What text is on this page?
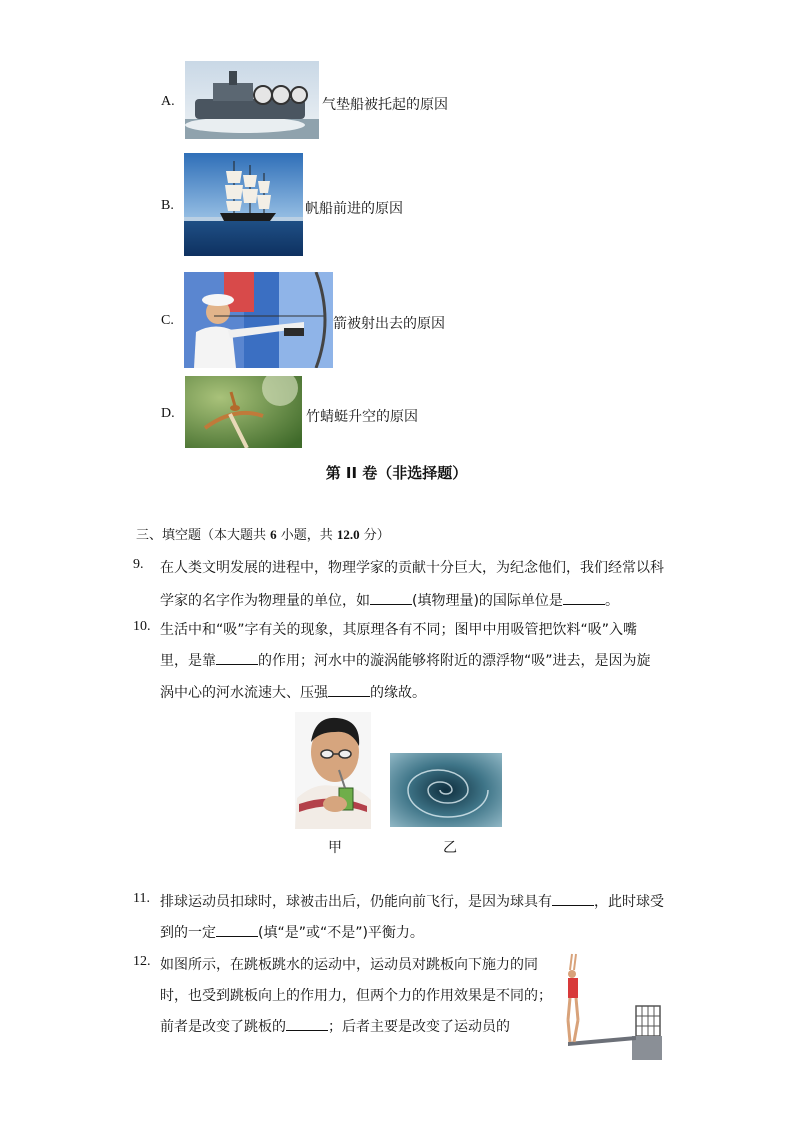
A.	气垫船被托起的原因
B.	帆船前进的原因
C.	箭被射出去的原因
D.	竹蜻蜓升空的原因
第 II 卷（非选择题）
三、填空题（本大题共 6 小题，共 12.0 分）
9. 在人类文明发展的进程中，物理学家的贡献十分巨大，为纪念他们，我们经常以科
学家的名字作为物理量的单位，如	(填物理量)的国际单位是	。
10. 生活中和“吸”字有关的现象，其原理各有不同；图甲中用吸管把饮料“吸”入嘴
里，是靠	的作用；河水中的漩涡能够将附近的漂浮物“吸”进去，是因为旋
涡中心的河水流速大、压强	的缘故。
甲	乙
11. 排球运动员扣球时，球被击出后，仍能向前飞行，是因为球具有	，此时球受
到的一定	(填“是”或“不是”)平衡力。
12. 如图所示，在跳板跳水的运动中，运动员对跳板向下施力的同
时，也受到跳板向上的作用力，但两个力的作用效果是不同的；
前者是改变了跳板的	；后者主要是改变了运动员的
